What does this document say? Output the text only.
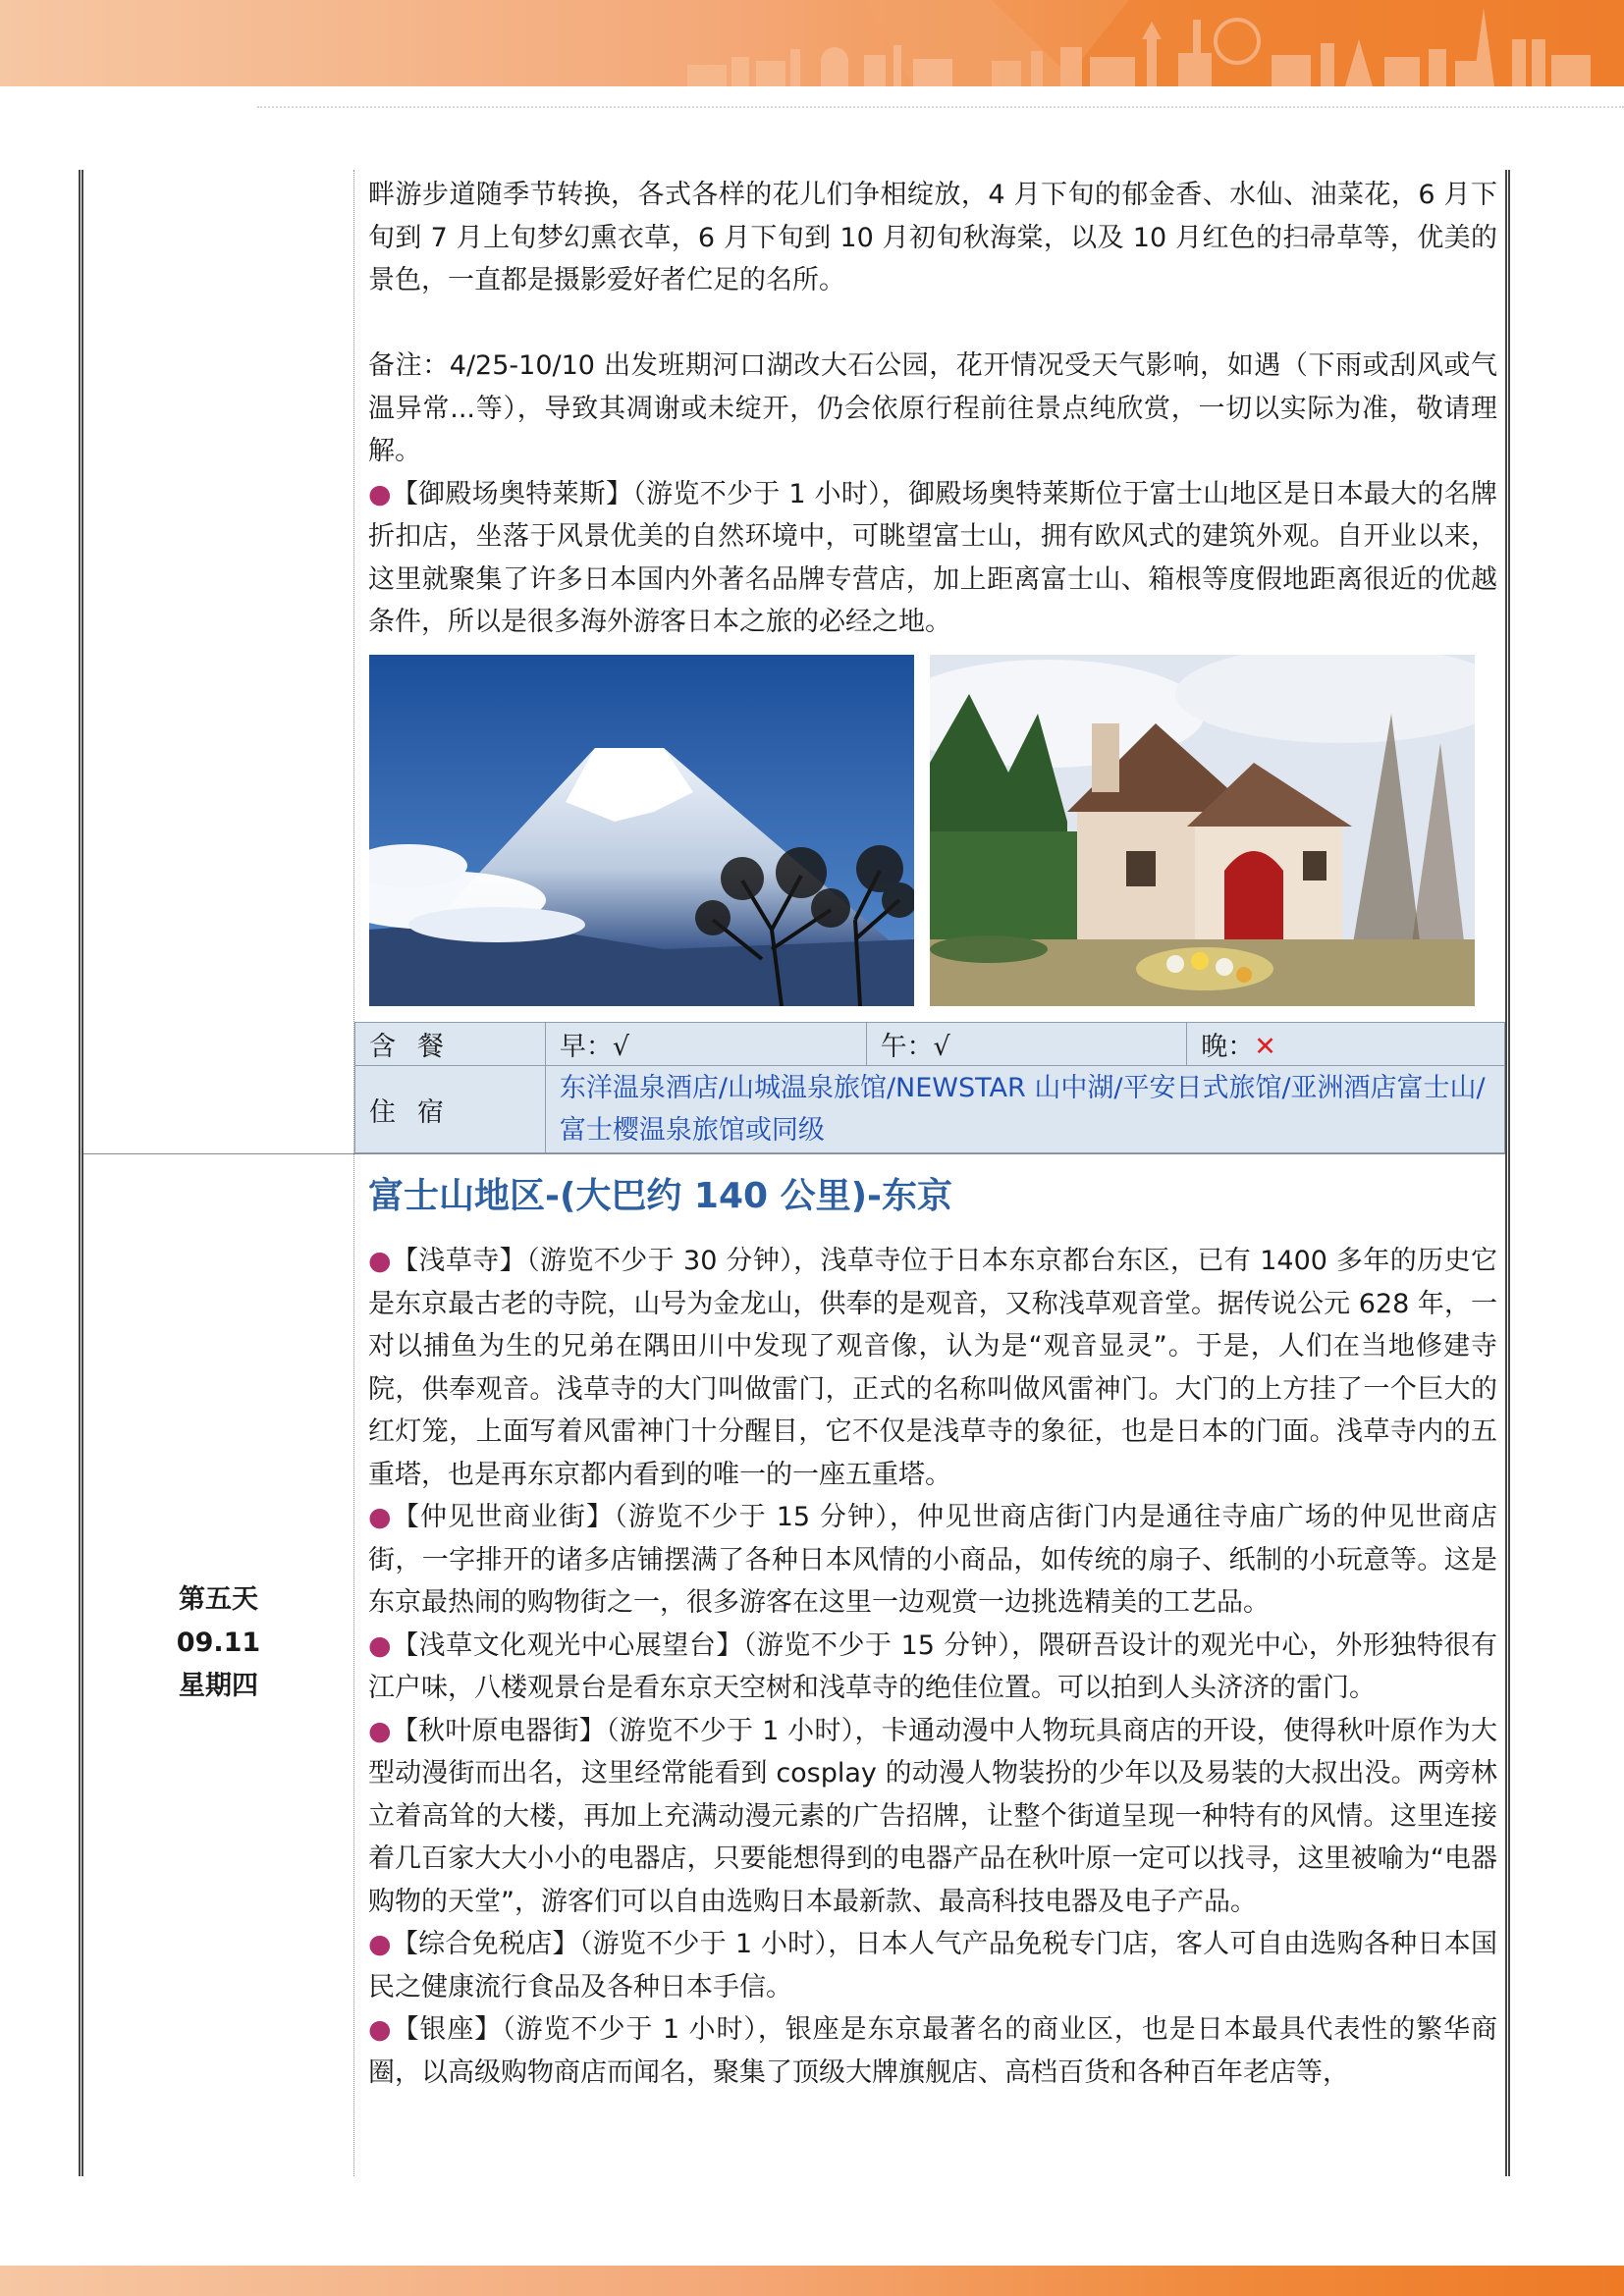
畔游步道随季节转换，各式各样的花儿们争相绽放，4 月下旬的郁金香、水仙、油菜花，6 月下旬到 7 月上旬梦幻熏衣草，6 月下旬到 10 月初旬秋海棠，以及 10 月红色的扫帚草等，优美的景色，一直都是摄影爱好者伫足的名所。

备注：4/25-10/10 出发班期河口湖改大石公园，花开情况受天气影响，如遇（下雨或刮风或气温异常...等），导致其凋谢或未绽开，仍会依原行程前往景点纯欣赏，一切以实际为准，敬请理解。

●【御殿场奥特莱斯】（游览不少于 1 小时），御殿场奥特莱斯位于富士山地区是日本最大的名牌折扣店，坐落于风景优美的自然环境中，可眺望富士山，拥有欧风式的建筑外观。自开业以来，这里就聚集了许多日本国内外著名品牌专营店，加上距离富士山、箱根等度假地距离很近的优越条件，所以是很多海外游客日本之旅的必经之地。

含餐	早：√	午：√	晚：✕
住宿	东洋温泉酒店/山城温泉旅馆/NEWSTAR 山中湖/平安日式旅馆/亚洲酒店富士山/富士樱温泉旅馆或同级		
第五天
09.11
星期四
富士山地区-(大巴约 140 公里)-东京

●【浅草寺】（游览不少于 30 分钟），浅草寺位于日本东京都台东区，已有 1400 多年的历史它是东京最古老的寺院，山号为金龙山，供奉的是观音，又称浅草观音堂。据传说公元 628 年，一对以捕鱼为生的兄弟在隅田川中发现了观音像，认为是“观音显灵”。于是，人们在当地修建寺院，供奉观音。浅草寺的大门叫做雷门，正式的名称叫做风雷神门。大门的上方挂了一个巨大的红灯笼，上面写着风雷神门十分醒目，它不仅是浅草寺的象征，也是日本的门面。浅草寺内的五重塔，也是再东京都内看到的唯一的一座五重塔。

●【仲见世商业街】（游览不少于 15 分钟），仲见世商店街门内是通往寺庙广场的仲见世商店街，一字排开的诸多店铺摆满了各种日本风情的小商品，如传统的扇子、纸制的小玩意等。这是东京最热闹的购物街之一，很多游客在这里一边观赏一边挑选精美的工艺品。

●【浅草文化观光中心展望台】（游览不少于 15 分钟），隈研吾设计的观光中心，外形独特很有江户味，八楼观景台是看东京天空树和浅草寺的绝佳位置。可以拍到人头济济的雷门。

●【秋叶原电器街】（游览不少于 1 小时），卡通动漫中人物玩具商店的开设，使得秋叶原作为大型动漫街而出名，这里经常能看到 cosplay 的动漫人物装扮的少年以及易装的大叔出没。两旁林立着高耸的大楼，再加上充满动漫元素的广告招牌，让整个街道呈现一种特有的风情。这里连接着几百家大大小小的电器店，只要能想得到的电器产品在秋叶原一定可以找寻，这里被喻为“电器购物的天堂”，游客们可以自由选购日本最新款、最高科技电器及电子产品。

●【综合免税店】（游览不少于 1 小时），日本人气产品免税专门店，客人可自由选购各种日本国民之健康流行食品及各种日本手信。

●【银座】（游览不少于 1 小时），银座是东京最著名的商业区，也是日本最具代表性的繁华商圈，以高级购物商店而闻名，聚集了顶级大牌旗舰店、高档百货和各种百年老店等，
